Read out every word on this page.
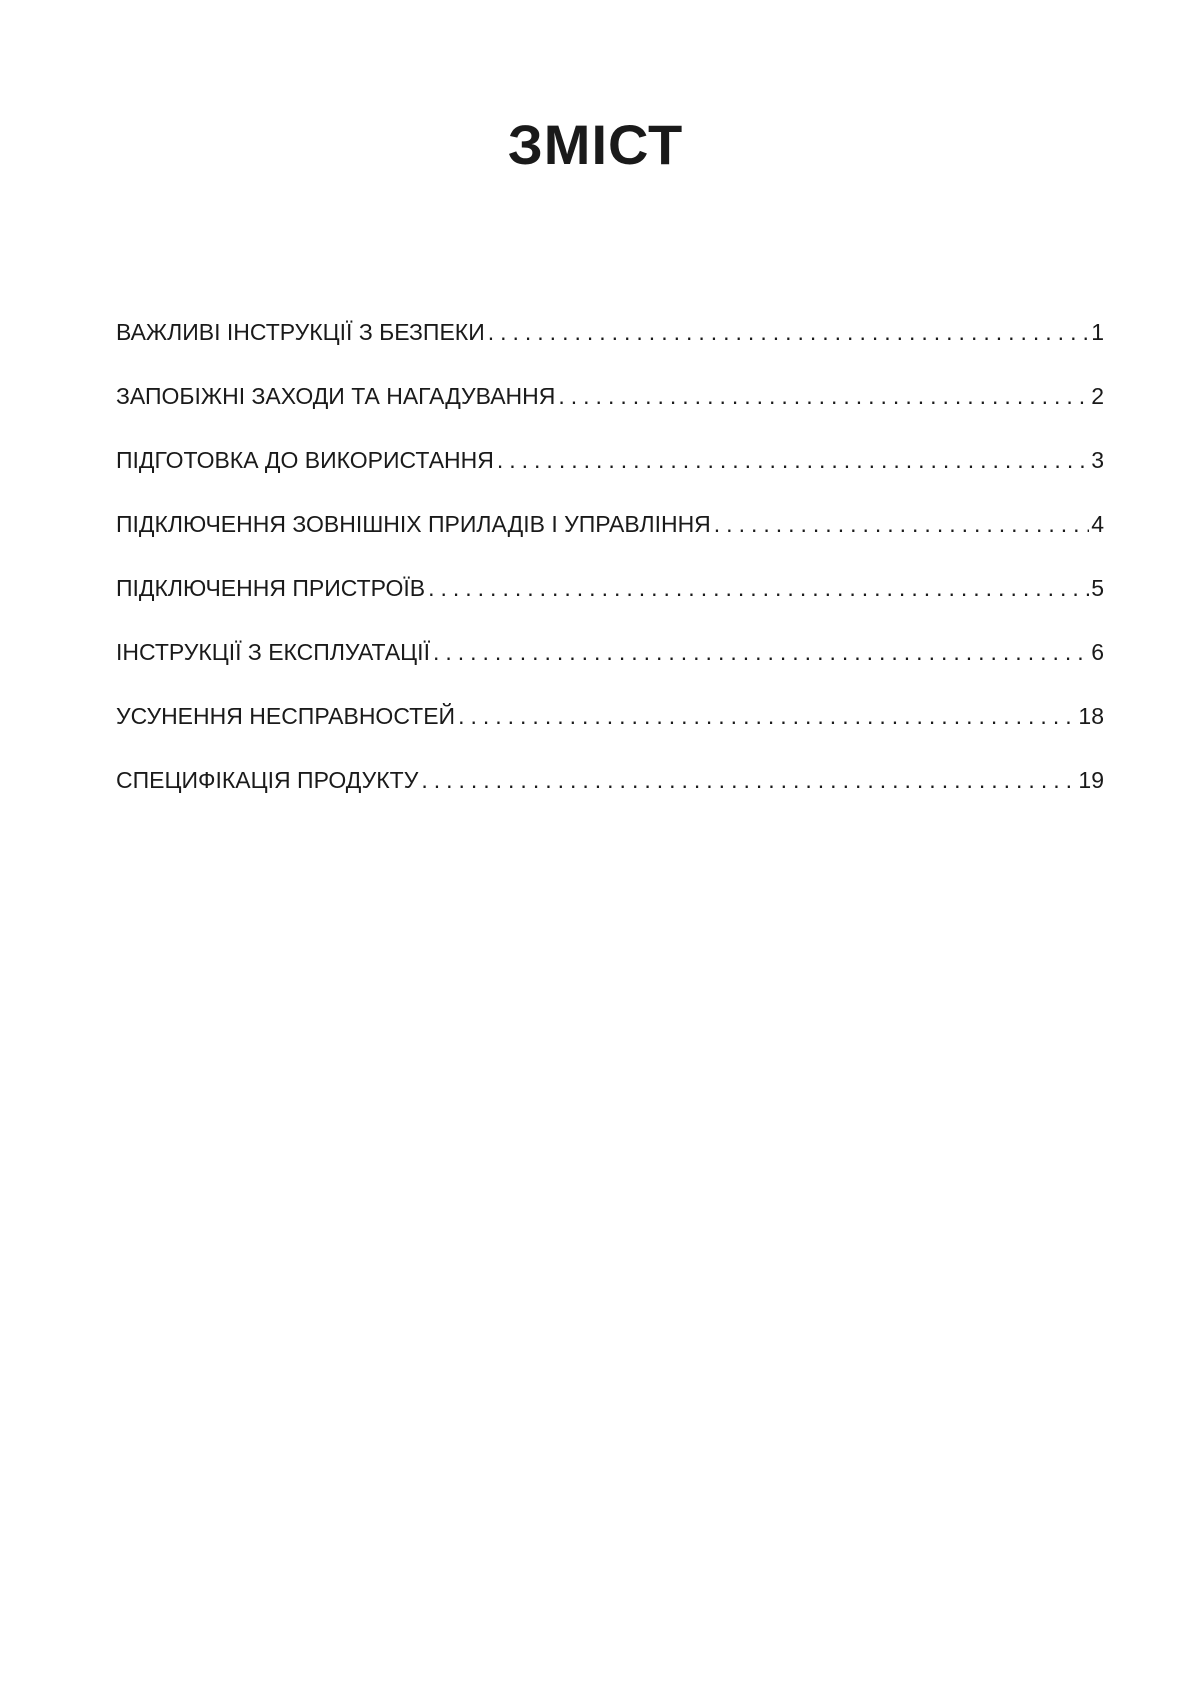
ЗМІСТ
ВАЖЛИВІ ІНСТРУКЦІЇ З БЕЗПЕКИ .....	1
ЗАПОБІЖНІ ЗАХОДИ ТА НАГАДУВАННЯ .....	2
ПІДГОТОВКА ДО ВИКОРИСТАННЯ .....	3
ПІДКЛЮЧЕННЯ ЗОВНІШНІХ ПРИЛАДІВ І УПРАВЛІННЯ .....	4
ПІДКЛЮЧЕННЯ ПРИСТРОЇВ .....	5
ІНСТРУКЦІЇ З ЕКСПЛУАТАЦІЇ .....	6
УСУНЕННЯ НЕСПРАВНОСТЕЙ .....	18
СПЕЦИФІКАЦІЯ ПРОДУКТУ .....	19
